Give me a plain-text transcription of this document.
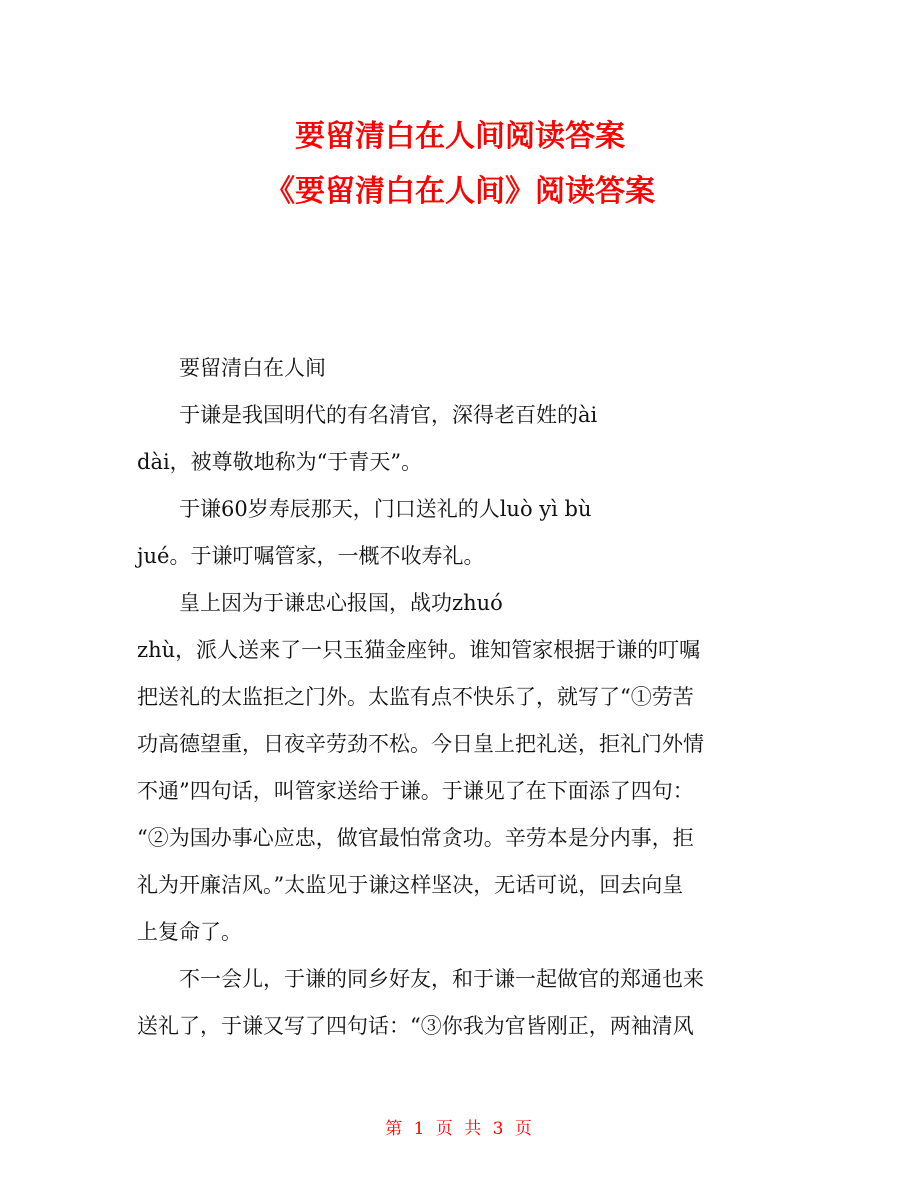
要留清白在人间阅读答案
《要留清白在人间》阅读答案
要留清白在人间
于谦是我国明代的有名清官，深得老百姓的ài
dài，被尊敬地称为“于青天”。
于谦60岁寿辰那天，门口送礼的人luò yì bù
jué。于谦叮嘱管家，一概不收寿礼。
皇上因为于谦忠心报国，战功zhuó
zhù，派人送来了一只玉猫金座钟。谁知管家根据于谦的叮嘱
把送礼的太监拒之门外。太监有点不快乐了，就写了“①劳苦
功高德望重，日夜辛劳劲不松。今日皇上把礼送，拒礼门外情
不通”四句话，叫管家送给于谦。于谦见了在下面添了四句：
“②为国办事心应忠，做官最怕常贪功。辛劳本是分内事，拒
礼为开廉洁风。”太监见于谦这样坚决，无话可说，回去向皇
上复命了。
不一会儿，于谦的同乡好友，和于谦一起做官的郑通也来
送礼了，于谦又写了四句话：“③你我为官皆刚正，两袖清风
第 1 页 共 3 页
